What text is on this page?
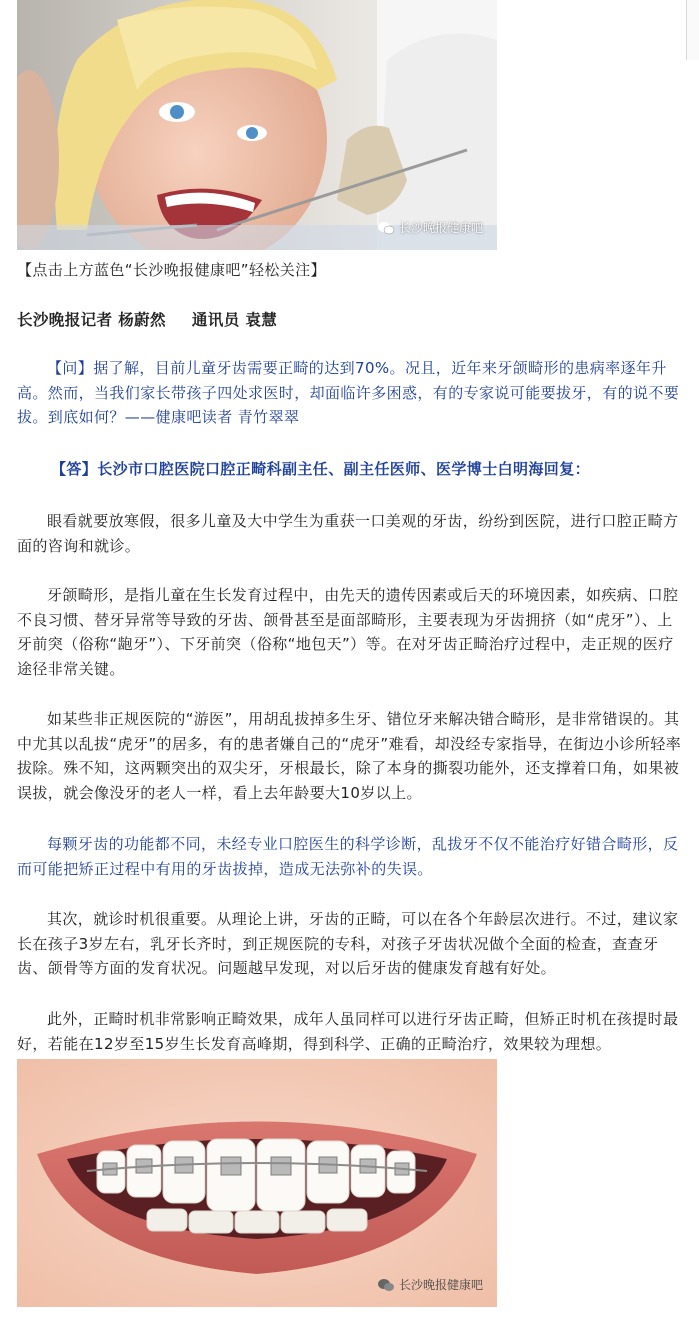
长沙晚报健康吧
【点击上方蓝色“长沙晚报健康吧”轻松关注】
长沙晚报记者 杨蔚然 通讯员 袁慧
【问】据了解，目前儿童牙齿需要正畸的达到70%。况且，近年来牙颌畸形的患病率逐年升高。然而，当我们家长带孩子四处求医时，却面临许多困惑，有的专家说可能要拔牙，有的说不要拔。到底如何？——健康吧读者 青竹翠翠
【答】长沙市口腔医院口腔正畸科副主任、副主任医师、医学博士白明海回复：
眼看就要放寒假，很多儿童及大中学生为重获一口美观的牙齿，纷纷到医院，进行口腔正畸方面的咨询和就诊。
牙颌畸形，是指儿童在生长发育过程中，由先天的遗传因素或后天的环境因素，如疾病、口腔不良习惯、替牙异常等导致的牙齿、颌骨甚至是面部畸形，主要表现为牙齿拥挤（如“虎牙”）、上牙前突（俗称“龅牙”）、下牙前突（俗称“地包天”）等。在对牙齿正畸治疗过程中，走正规的医疗途径非常关键。
如某些非正规医院的“游医”，用胡乱拔掉多生牙、错位牙来解决错合畸形，是非常错误的。其中尤其以乱拔“虎牙”的居多，有的患者嫌自己的“虎牙”难看，却没经专家指导，在街边小诊所轻率拔除。殊不知，这两颗突出的双尖牙，牙根最长，除了本身的撕裂功能外，还支撑着口角，如果被误拔，就会像没牙的老人一样，看上去年龄要大10岁以上。
每颗牙齿的功能都不同，未经专业口腔医生的科学诊断，乱拔牙不仅不能治疗好错合畸形，反而可能把矫正过程中有用的牙齿拔掉，造成无法弥补的失误。
其次，就诊时机很重要。从理论上讲，牙齿的正畸，可以在各个年龄层次进行。不过，建议家长在孩子3岁左右，乳牙长齐时，到正规医院的专科，对孩子牙齿状况做个全面的检查，查查牙齿、颌骨等方面的发育状况。问题越早发现，对以后牙齿的健康发育越有好处。
此外，正畸时机非常影响正畸效果，成年人虽同样可以进行牙齿正畸，但矫正时机在孩提时最好，若能在12岁至15岁生长发育高峰期，得到科学、正确的正畸治疗，效果较为理想。
长沙晚报健康吧
